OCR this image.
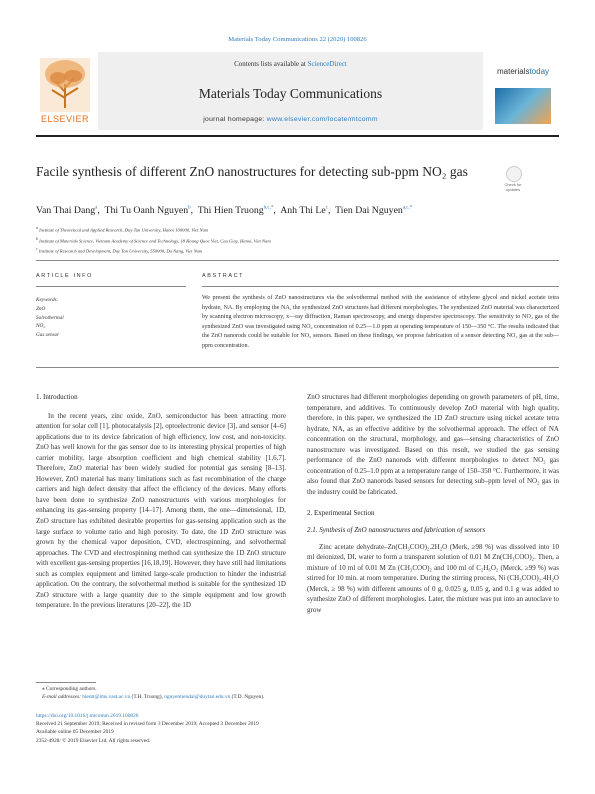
Materials Today Communications 22 (2020) 100826
ELSEVIER
Contents lists available at ScienceDirect
Materials Today Communications
journal homepage: www.elsevier.com/locate/mtcomm
materialstoday
Facile synthesis of different ZnO nanostructures for detecting sub-ppm NO₂ gas
Check for updates
Van Thai Dang$^a$,  Thi Tu Oanh Nguyen$^b$,  Thi Hien Truong$^{b,c,*}$,  Anh Thi Le$^c$,  Tien Dai Nguyen$^{a,c,*}$
$^a$ Institute of Theoretical and Applied Research, Duy Tan University, Hanoi 100000, Viet Nam
$^b$ Institute of Materials Science, Vietnam Academy of Science and Technology, 18 Hoang Quoc Viet, Cau Giay, Hanoi, Viet Nam
$^c$ Institute of Research and Development, Duy Tan University, 550000, Da Nang, Viet Nam
ARTICLE INFO	ABSTRACT
Keywords:
ZnO
Solvothermal
NO₂
Gas sensor
We present the synthesis of ZnO nanostructures via the solvothermal method with the assistance of ethylene glycol and nickel acetate tetra hydrate, NA. By employing the NA, the synthesized ZnO structures had different morphologies. The synthesized ZnO material was characterized by scanning electron microscopy, x—ray diffraction, Raman spectroscopy, and energy dispersive spectroscopy. The sensitivity to NO₂ gas of the synthesized ZnO was investigated using NO₂ concentration of 0.25—1.0 ppm at operating temperature of 150—350 °C. The results indicated that the ZnO nanorods could be suitable for NO₂ sensors. Based on these findings, we propose fabrication of a sensor detecting NO₂ gas at the sub—ppm concentration.
1. Introduction

In the recent years, zinc oxide, ZnO, semiconductor has been attracting more attention for solar cell [1], photocatalysis [2], optoelectronic device [3], and sensor [4–6] applications due to its device fabrication of high efficiency, low cost, and non-toxicity. ZnO has well known for the gas sensor due to its interesting physical properties of high carrier mobility, large absorption coefficient and high chemical stability [1,6,7]. Therefore, ZnO material has been widely studied for potential gas sensing [8–13]. However, ZnO material has many limitations such as fast recombination of the charge carriers and high defect density that affect the efficiency of the devices. Many efforts have been done to synthesize ZnO nanostructures with various morphologies for enhancing its gas-sensing property [14–17]. Among them, the one—dimensional, 1D, ZnO structure has exhibited desirable properties for gas-sensing application such as the large surface to volume ratio and high porosity. To date, the 1D ZnO structure was grown by the chemical vapor deposition, CVD, electrospinning, and solvothermal approaches. The CVD and electrospinning method can synthesize the 1D ZnO structure with excellent gas-sensing properties [16,18,19]. However, they have still had limitations such as complex equipment and limited large-scale production to hinder the industrial application. On the contrary, the solvothermal method is suitable for the synthesized 1D ZnO structure with a large quantity due to the simple equipment and low growth temperature. In the previous literatures [20–22], the 1D

ZnO structures had different morphologies depending on growth parameters of pH, time, temperature, and additives. To continuously develop ZnO material with high quality, therefore, in this paper, we synthesized the 1D ZnO structure using nickel acetate tetra hydrate, NA, as an effective additive by the solvothermal approach. The effect of NA concentration on the structural, morphology, and gas—sensing characteristics of ZnO nanostructure was investigated. Based on this result, we studied the gas sensing performance of the ZnO nanorods with different morphologies to detect NO₂ gas concentration of 0.25–1.0 ppm at a temperature range of 150–350 °C. Furthermore, it was also found that ZnO nanorods based sensors for detecting sub–ppm level of NO₂ gas in the industry could be fabricated.

2. Experimental Section
2.1. Synthesis of ZnO nanostructures and fabrication of sensors

Zinc acetate dehydrate–Zn(CH₃COO)₂.2H₂O (Merk, ≥98 %) was dissolved into 10 ml deionized, DI, water to form a transparent solution of 0.01 M Zn(CH₃COO)₂. Then, a mixture of 10 ml of 0.01 M Zn (CH₃COO)₂ and 100 ml of C₂H₆O₂ (Merck, ≥99 %) was stirred for 10 min. at room temperature. During the stirring process, Ni (CH₃COO)₂.4H₂O (Merck, ≥ 98 %) with different amounts of 0 g, 0.025 g, 0.05 g, and 0.1 g was added to synthesize ZnO of different morphologies. Later, the mixture was put into an autoclave to grow

⁎ Corresponding authors.
E-mail addresses: hientt@ims.vast.ac.vn (T.H. Truong), nguyentiendai@duytan.edu.vn (T.D. Nguyen).
https://doi.org/10.1016/j.mtcomm.2019.100826
Received 21 September 2019; Received in revised form 3 December 2019; Accepted 3 December 2019
Available online 05 December 2019
2352-4928/ © 2019 Elsevier Ltd. All rights reserved.
